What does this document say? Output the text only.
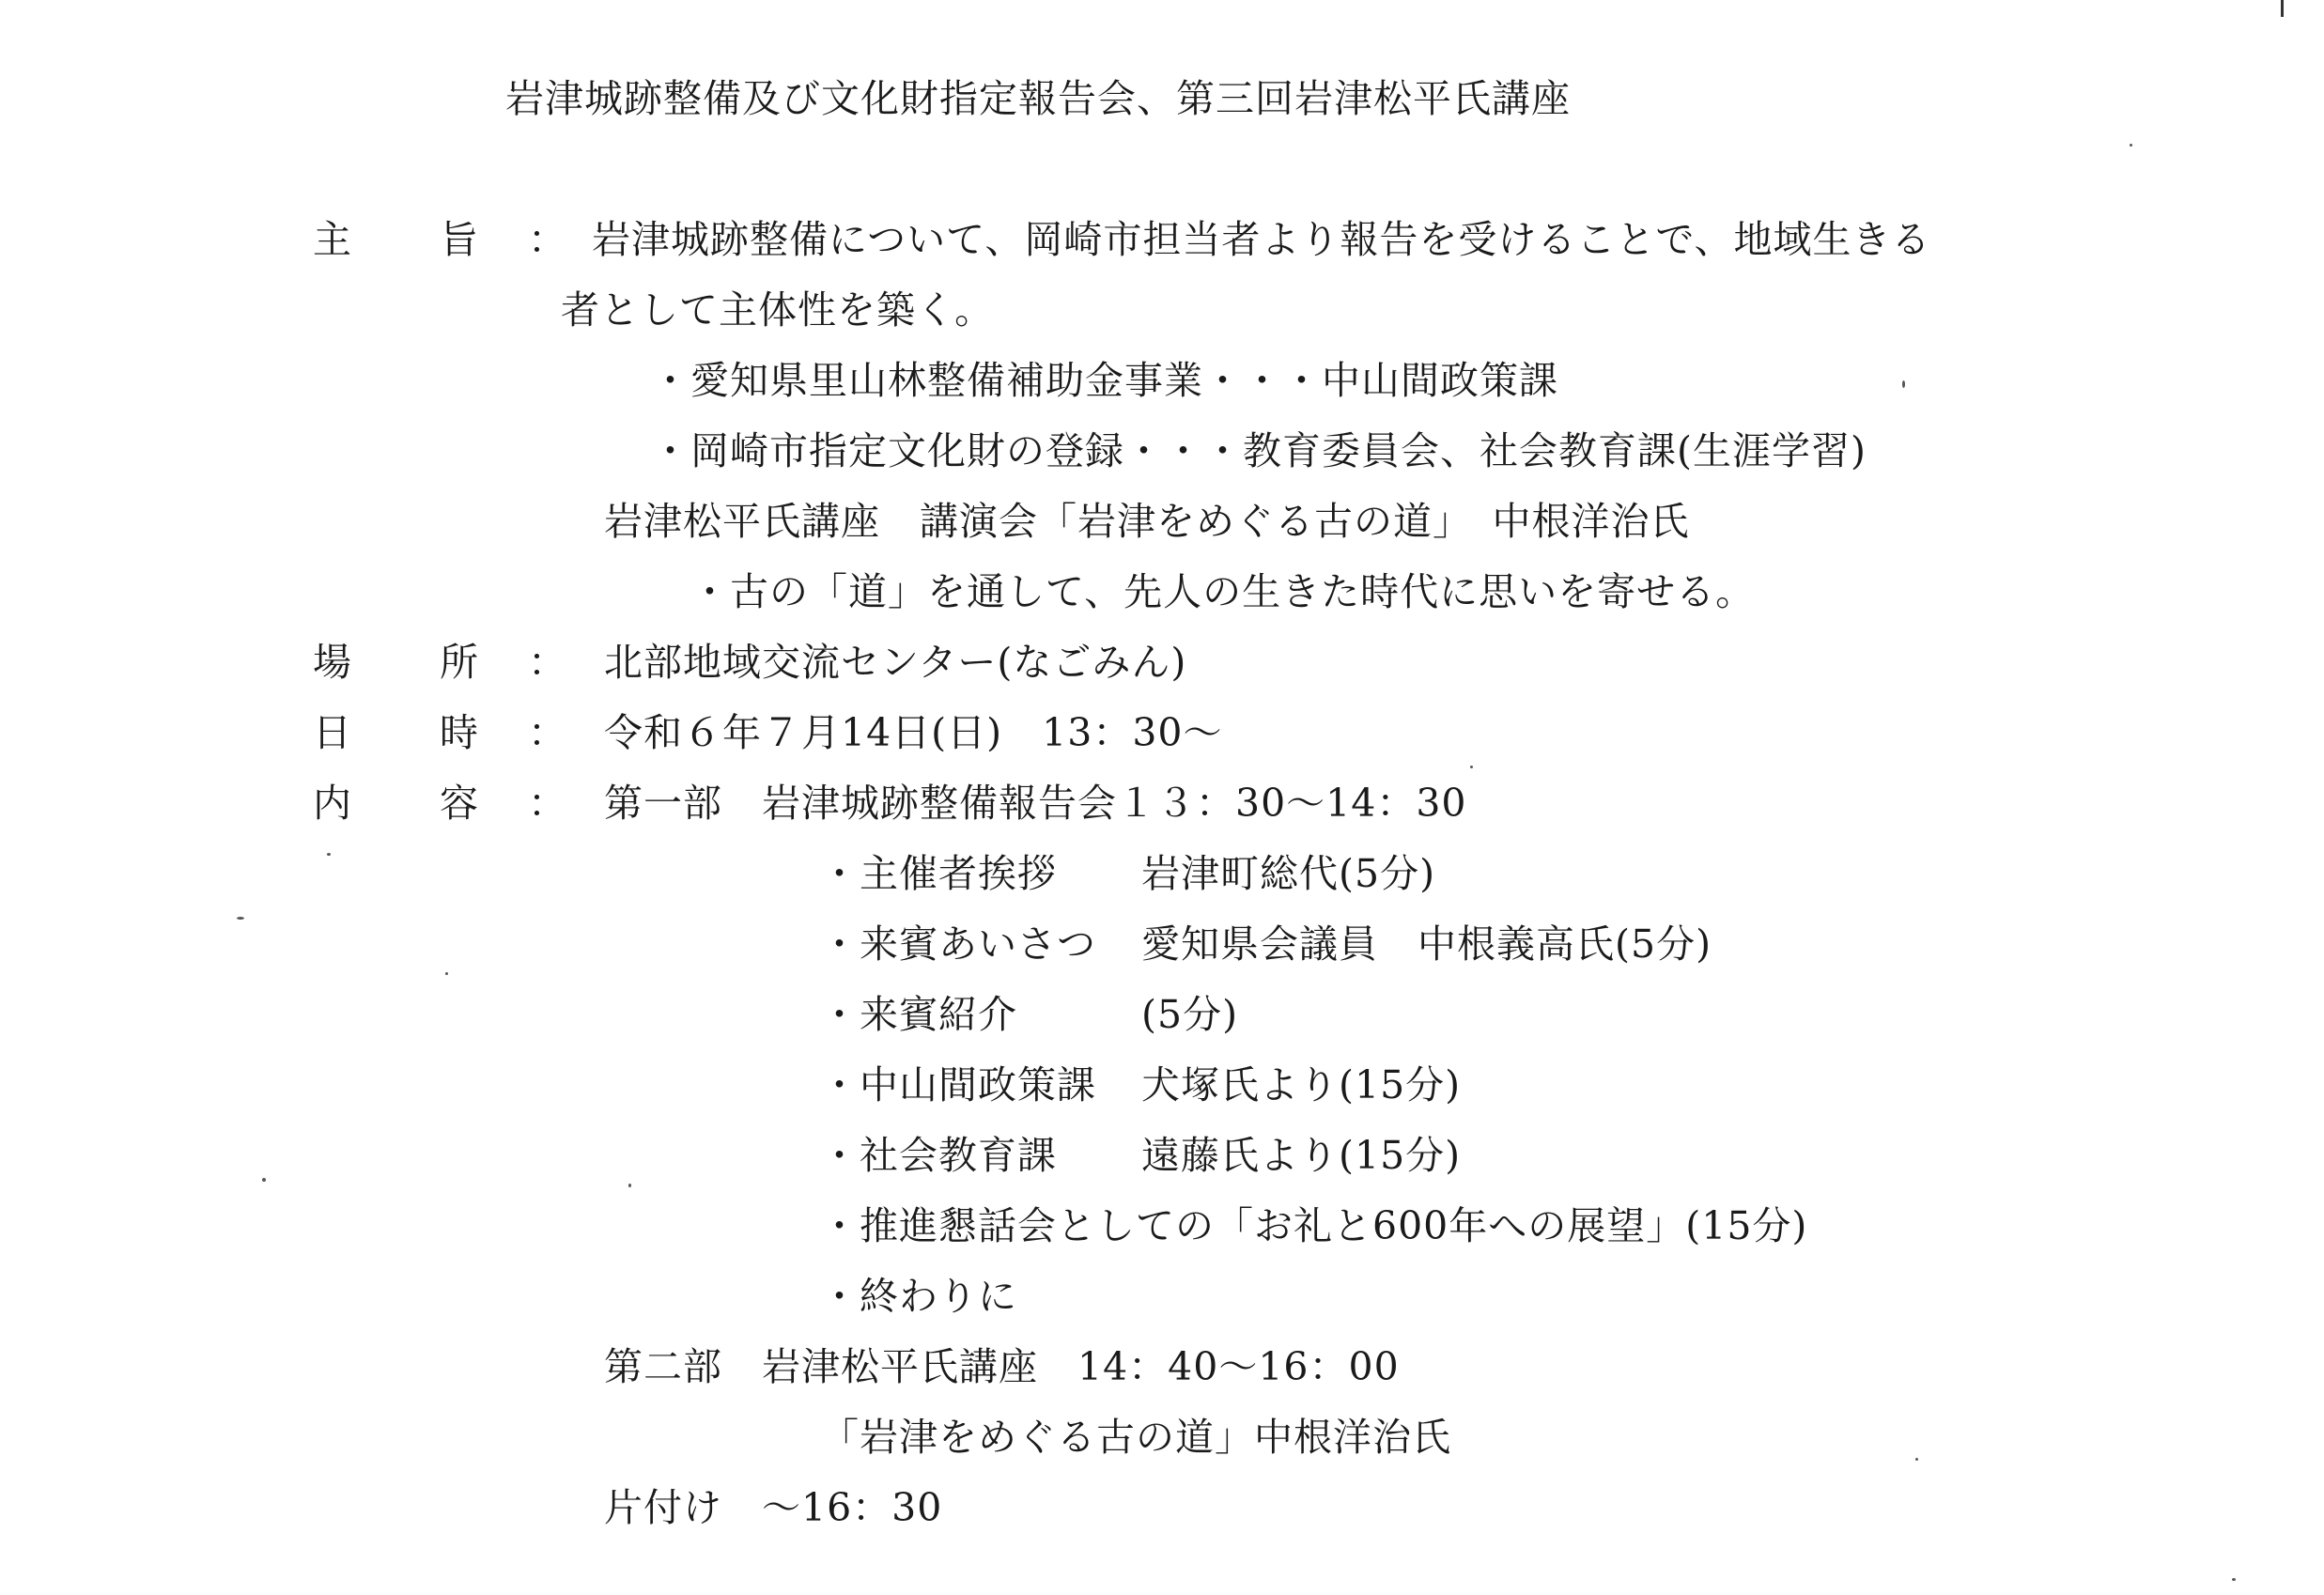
岩津城跡整備及び文化財指定報告会、第三回岩津松平氏講座
主 旨 ： 岩津城跡整備について、岡崎市担当者より報告を受けることで、地域生きる
者として主体性を築く。
・愛知県里山林整備補助金事業・・・中山間政策課
・岡崎市指定文化財の登録・・・教育委員会、社会教育課(生涯学習)
岩津松平氏講座　講演会「岩津をめぐる古の道」　中根洋治氏
・古の「道」を通して、先人の生きた時代に思いを寄せる。
場 所 ： 北部地域交流センター(なごみん)
日 時 ： 令和６年７月14日(日)　13：30～
内 容 ： 第一部　岩津城跡整備報告会１３：30～14：30
・主催者挨拶 岩津町総代(5分)
・来賓あいさつ 愛知県会議員　中根義高氏(5分)
・来賓紹介	(5分)
・中山間政策課 犬塚氏より(15分)
・社会教育課 遠藤氏より(15分)
・推進懇話会としての「お礼と600年への展望」(15分)
・終わりに
第二部　岩津松平氏講座　14：40～16：00
「岩津をめぐる古の道」中根洋治氏
片付け　～16：30
